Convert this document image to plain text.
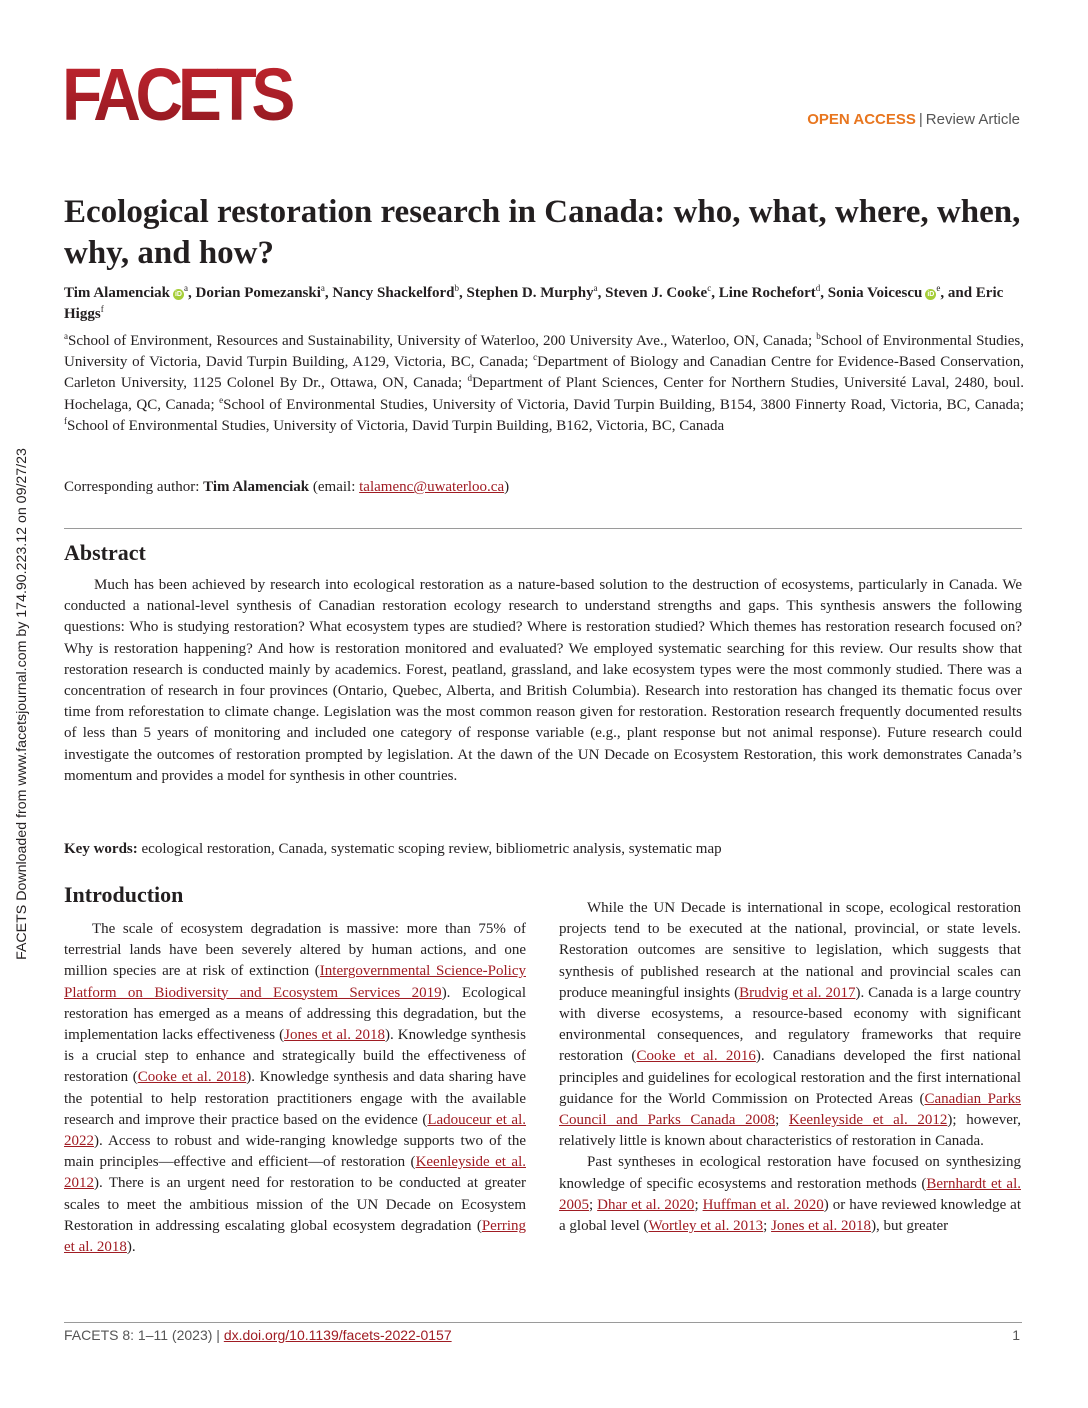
FACETS Downloaded from www.facetsjournal.com by 174.90.223.12 on 09/27/23
FACETS	OPEN ACCESS | Review Article
Ecological restoration research in Canada: who, what, where, when, why, and how?
Tim Alamenciak $iD^a$, Dorian Pomezanski$^a$, Nancy Shackelford$^b$, Stephen D. Murphy$^a$, Steven J. Cooke$^c$, Line Rochefort$^d$, Sonia Voicescu $iD^e$, and Eric Higgs$^f$
$^a$School of Environment, Resources and Sustainability, University of Waterloo, 200 University Ave., Waterloo, ON, Canada; $^b$School of Environmental Studies, University of Victoria, David Turpin Building, A129, Victoria, BC, Canada; $^c$Department of Biology and Canadian Centre for Evidence-Based Conservation, Carleton University, 1125 Colonel By Dr., Ottawa, ON, Canada; $^d$Department of Plant Sciences, Center for Northern Studies, Université Laval, 2480, boul. Hochelaga, QC, Canada; $^e$School of Environmental Studies, University of Victoria, David Turpin Building, B154, 3800 Finnerty Road, Victoria, BC, Canada; $^f$School of Environmental Studies, University of Victoria, David Turpin Building, B162, Victoria, BC, Canada
Corresponding author: Tim Alamenciak (email: talamenc@uwaterloo.ca)
Abstract

Much has been achieved by research into ecological restoration as a nature-based solution to the destruction of ecosystems, particularly in Canada. We conducted a national-level synthesis of Canadian restoration ecology research to understand strengths and gaps. This synthesis answers the following questions: Who is studying restoration? What ecosystem types are studied? Where is restoration studied? Which themes has restoration research focused on? Why is restoration happening? And how is restoration monitored and evaluated? We employed systematic searching for this review. Our results show that restoration research is conducted mainly by academics. Forest, peatland, grassland, and lake ecosystem types were the most commonly studied. There was a concentration of research in four provinces (Ontario, Quebec, Alberta, and British Columbia). Research into restoration has changed its thematic focus over time from reforestation to climate change. Legislation was the most common reason given for restoration. Restoration research frequently documented results of less than 5 years of monitoring and included one category of response variable (e.g., plant response but not animal response). Future research could investigate the outcomes of restoration prompted by legislation. At the dawn of the UN Decade on Ecosystem Restoration, this work demonstrates Canada’s momentum and provides a model for synthesis in other countries.

Key words: ecological restoration, Canada, systematic scoping review, bibliometric analysis, systematic map
Introduction

The scale of ecosystem degradation is massive: more than 75% of terrestrial lands have been severely altered by human actions, and one million species are at risk of extinction (Intergovernmental Science-Policy Platform on Biodiversity and Ecosystem Services 2019). Ecological restoration has emerged as a means of addressing this degradation, but the implementation lacks effectiveness (Jones et al. 2018). Knowledge synthesis is a crucial step to enhance and strategically build the effectiveness of restoration (Cooke et al. 2018). Knowledge synthesis and data sharing have the potential to help restoration practitioners engage with the available research and improve their practice based on the evidence (Ladouceur et al. 2022). Access to robust and wide-ranging knowledge supports two of the main principles—effective and efficient—of restoration (Keenleyside et al. 2012). There is an urgent need for restoration to be conducted at greater scales to meet the ambitious mission of the UN Decade on Ecosystem Restoration in addressing escalating global ecosystem degradation (Perring et al. 2018).

While the UN Decade is international in scope, ecological restoration projects tend to be executed at the national, provincial, or state levels. Restoration outcomes are sensitive to legislation, which suggests that synthesis of published research at the national and provincial scales can produce meaningful insights (Brudvig et al. 2017). Canada is a large country with diverse ecosystems, a resource-based economy with significant environmental consequences, and regulatory frameworks that require restoration (Cooke et al. 2016). Canadians developed the first national principles and guidelines for ecological restoration and the first international guidance for the World Commission on Protected Areas (Canadian Parks Council and Parks Canada 2008; Keenleyside et al. 2012); however, relatively little is known about characteristics of restoration in Canada.

Past syntheses in ecological restoration have focused on synthesizing knowledge of specific ecosystems and restoration methods (Bernhardt et al. 2005; Dhar et al. 2020; Huffman et al. 2020) or have reviewed knowledge at a global level (Wortley et al. 2013; Jones et al. 2018), but greater

FACETS 8: 1–11 (2023) | dx.doi.org/10.1139/facets-2022-0157	1
